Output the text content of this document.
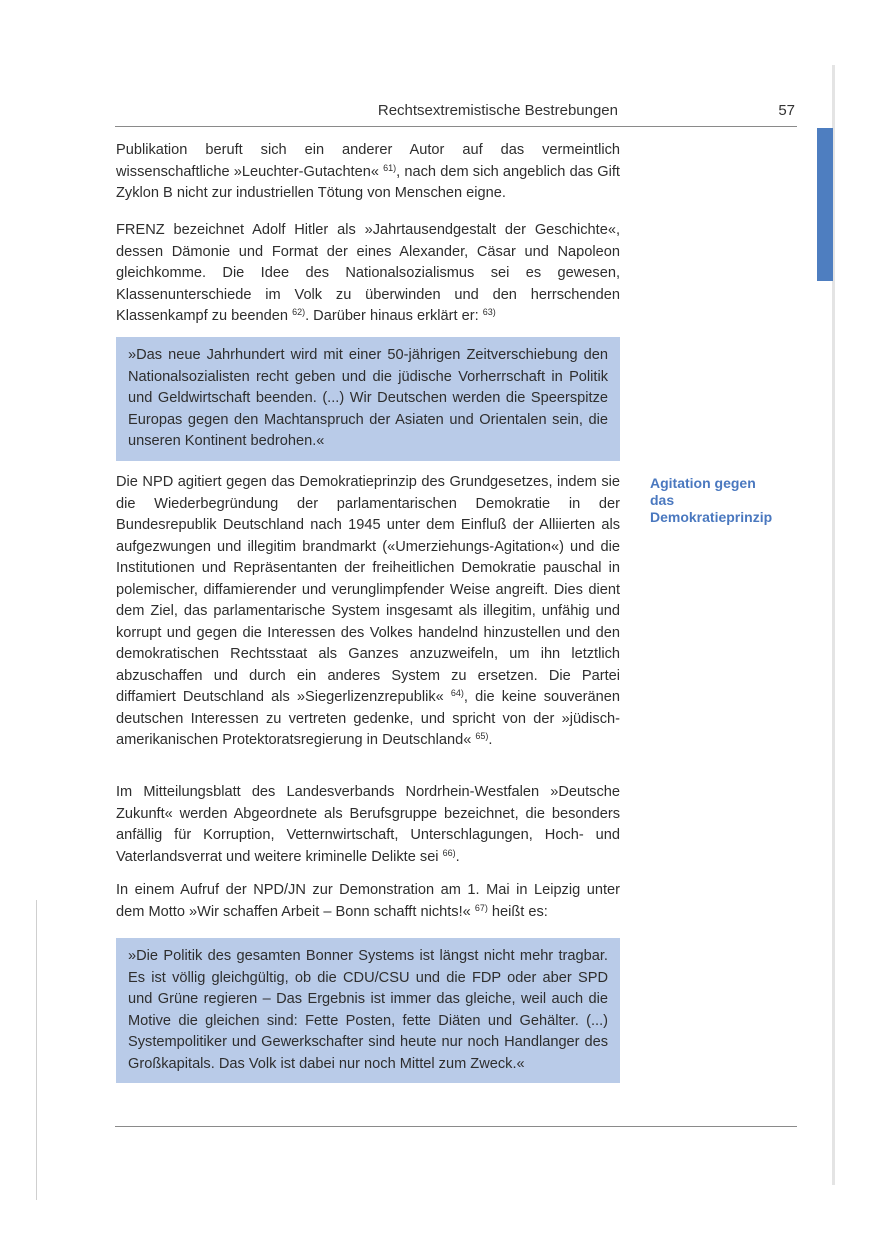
Rechtsextremistische Bestrebungen	57
Publikation beruft sich ein anderer Autor auf das vermeintlich wissenschaftliche »Leuchter-Gutachten« $^{61)}$, nach dem sich angeblich das Gift Zyklon B nicht zur industriellen Tötung von Menschen eigne.
FRENZ bezeichnet Adolf Hitler als »Jahrtausendgestalt der Geschichte«, dessen Dämonie und Format der eines Alexander, Cäsar und Napoleon gleichkomme. Die Idee des Nationalsozialismus sei es gewesen, Klassenunterschiede im Volk zu überwinden und den herrschenden Klassenkampf zu beenden $^{62)}$. Darüber hinaus erklärt er: $^{63)}$
»Das neue Jahrhundert wird mit einer 50-jährigen Zeitverschiebung den Nationalsozialisten recht geben und die jüdische Vorherrschaft in Politik und Geldwirtschaft beenden. (...) Wir Deutschen werden die Speerspitze Europas gegen den Machtanspruch der Asiaten und Orientalen sein, die unseren Kontinent bedrohen.«
Die NPD agitiert gegen das Demokratieprinzip des Grundgesetzes, indem sie die Wiederbegründung der parlamentarischen Demokratie in der Bundesrepublik Deutschland nach 1945 unter dem Einfluß der Alliierten als aufgezwungen und illegitim brandmarkt («Umerziehungs-Agitation«) und die Institutionen und Repräsentanten der freiheitlichen Demokratie pauschal in polemischer, diffamierender und verunglimpfender Weise angreift. Dies dient dem Ziel, das parlamentarische System insgesamt als illegitim, unfähig und korrupt und gegen die Interessen des Volkes handelnd hinzustellen und den demokratischen Rechtsstaat als Ganzes anzuzweifeln, um ihn letztlich abzuschaffen und durch ein anderes System zu ersetzen. Die Partei diffamiert Deutschland als »Siegerlizenzrepublik« $^{64)}$, die keine souveränen deutschen Interessen zu vertreten gedenke, und spricht von der »jüdisch-amerikanischen Protektoratsregierung in Deutschland« $^{65)}$.
Agitation gegen
das
Demokratieprinzip
Im Mitteilungsblatt des Landesverbands Nordrhein-Westfalen »Deutsche Zukunft« werden Abgeordnete als Berufsgruppe bezeichnet, die besonders anfällig für Korruption, Vetternwirtschaft, Unterschlagungen, Hoch- und Vaterlandsverrat und weitere kriminelle Delikte sei $^{66)}$.
In einem Aufruf der NPD/JN zur Demonstration am 1. Mai in Leipzig unter dem Motto »Wir schaffen Arbeit – Bonn schafft nichts!« $^{67)}$ heißt es:
»Die Politik des gesamten Bonner Systems ist längst nicht mehr tragbar. Es ist völlig gleichgültig, ob die CDU/CSU und die FDP oder aber SPD und Grüne regieren – Das Ergebnis ist immer das gleiche, weil auch die Motive die gleichen sind: Fette Posten, fette Diäten und Gehälter. (...) Systempolitiker und Gewerkschafter sind heute nur noch Handlanger des Großkapitals. Das Volk ist dabei nur noch Mittel zum Zweck.«
